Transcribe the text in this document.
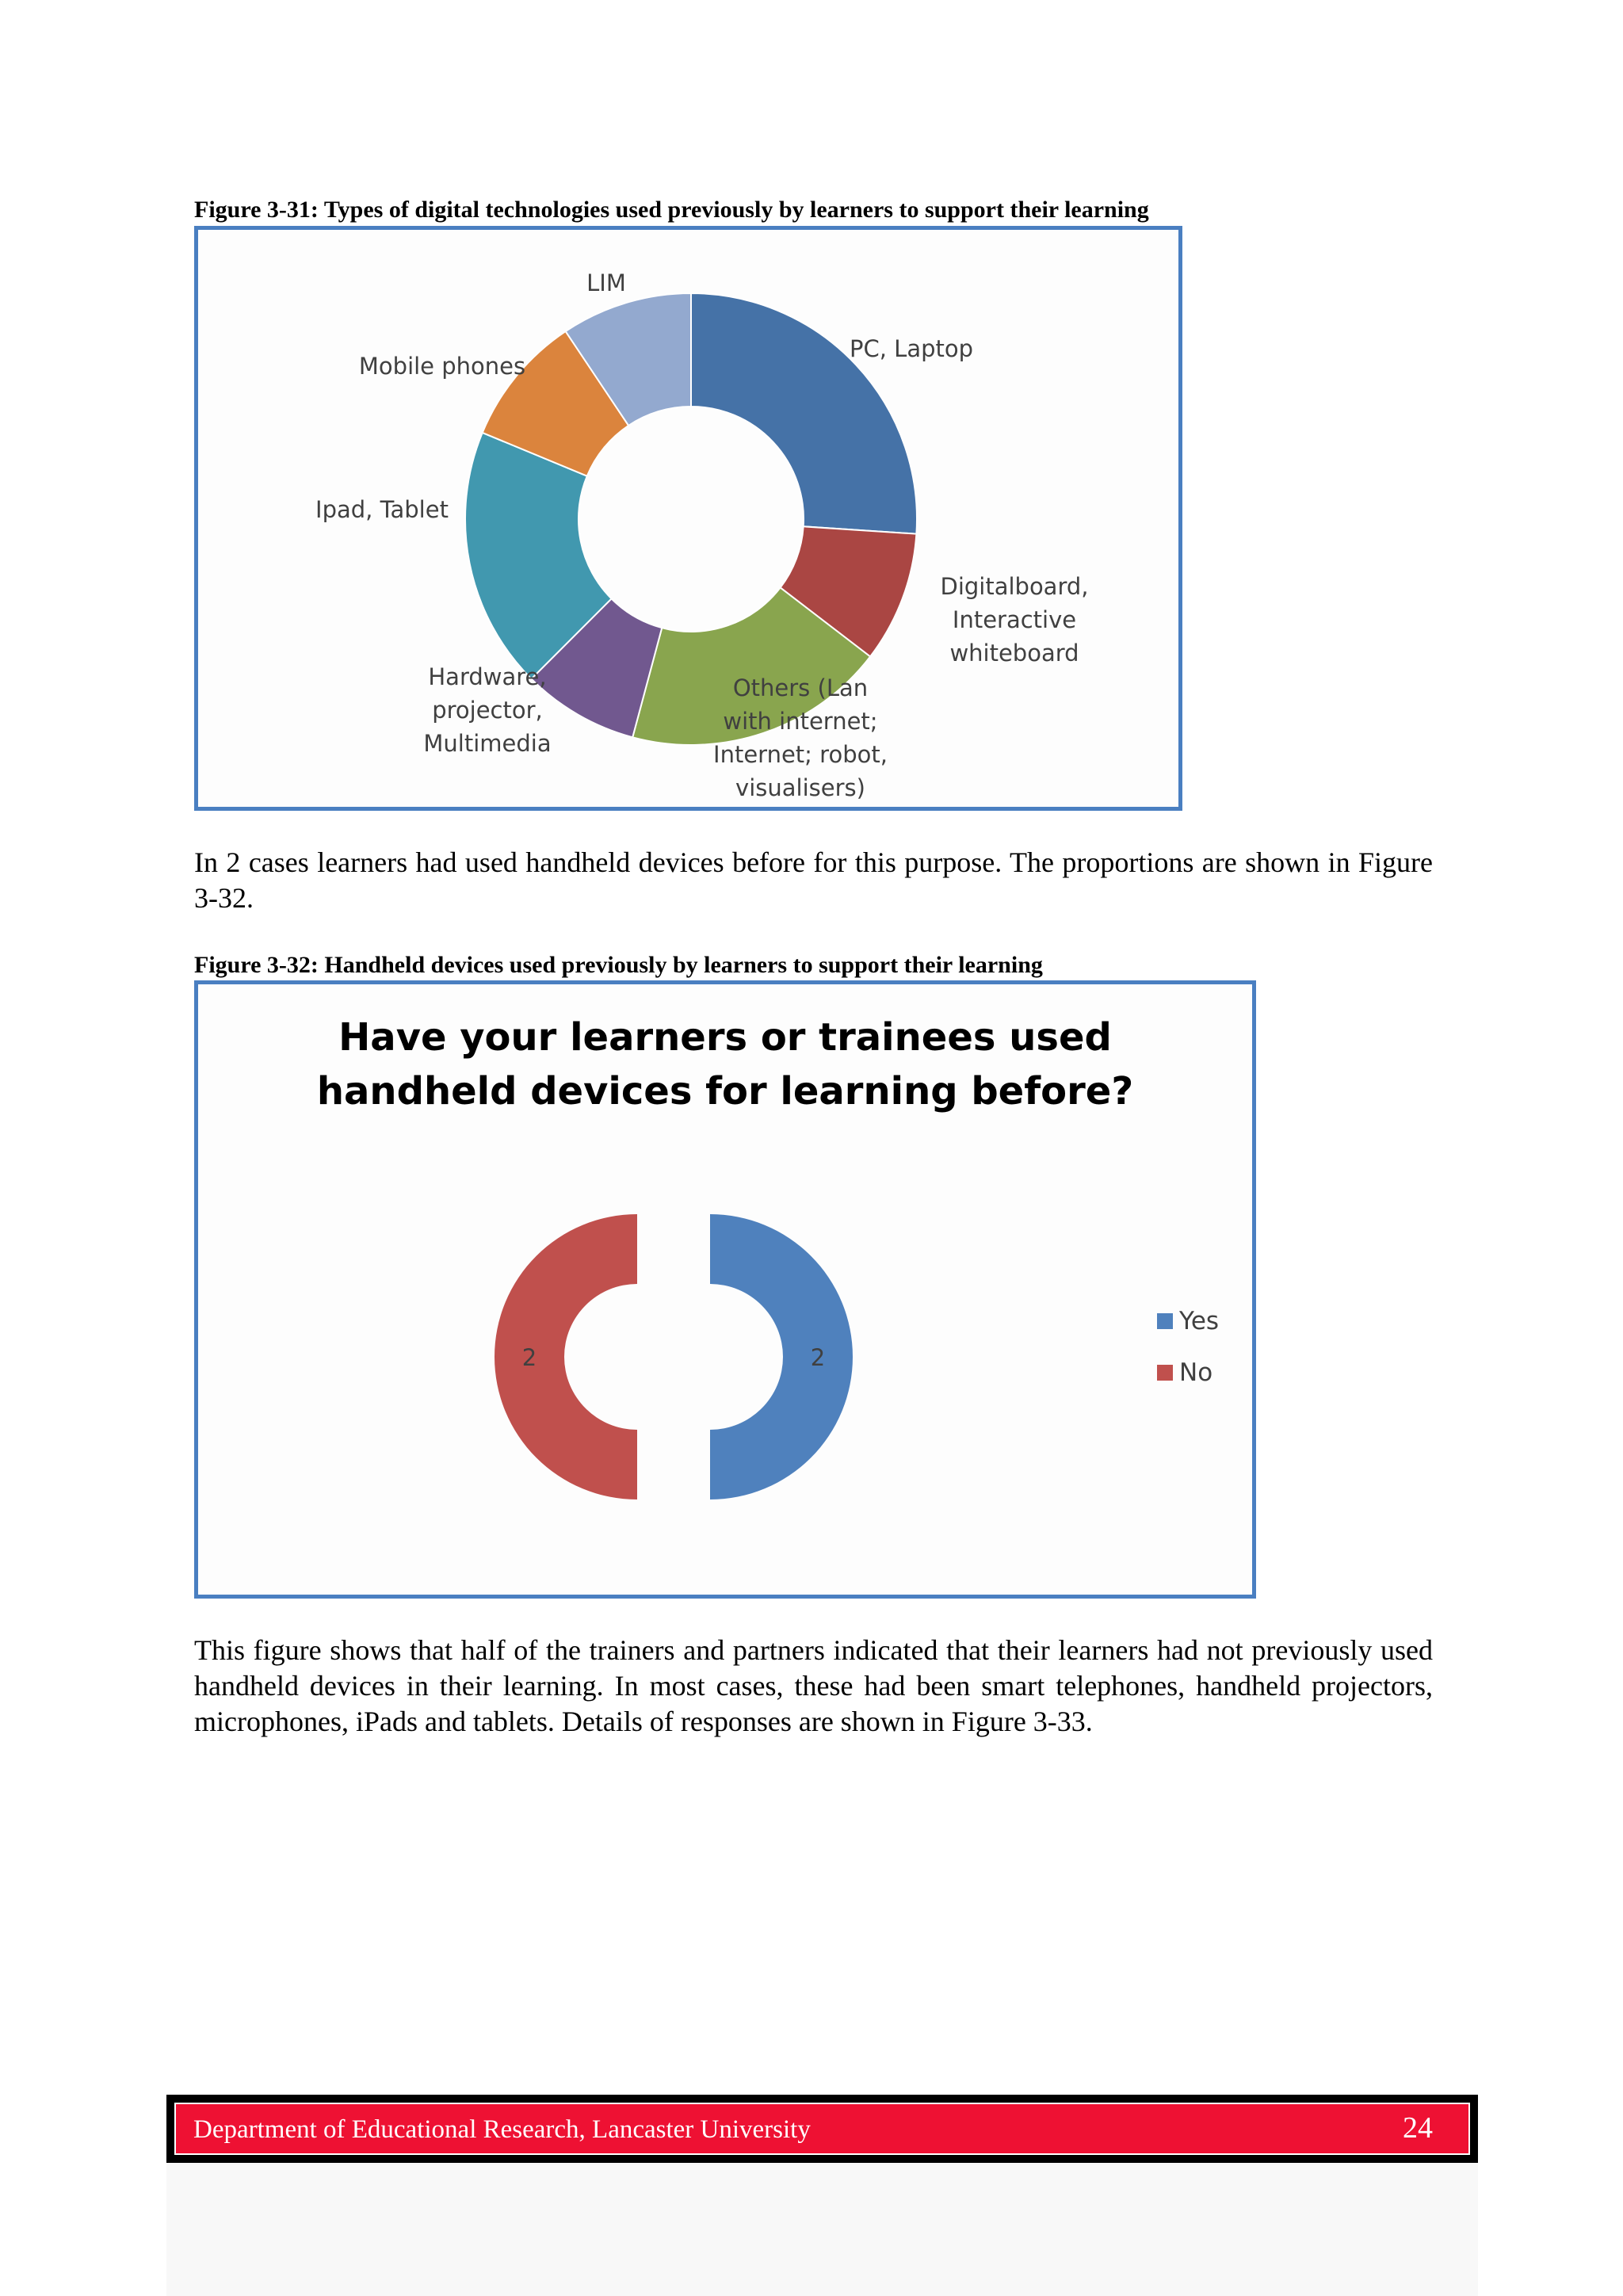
Figure 3-31: Types of digital technologies used previously by learners to support their learning
PC, Laptop
Digitalboard, Interactive whiteboard
Others (Lan with internet; Internet; robot, visualisers)
Hardware, projector, Multimedia
Ipad, Tablet
Mobile phones
LIM
In 2 cases learners had used handheld devices before for this purpose. The proportions are shown in Figure 3-32.
Figure 3-32: Handheld devices used previously by learners to support their learning
Have your learners or trainees used
handheld devices for learning before?
2
2
Yes
No
This figure shows that half of the trainers and partners indicated that their learners had not previously used handheld devices in their learning. In most cases, these had been smart telephones, handheld projectors, microphones, iPads and tablets. Details of responses are shown in Figure 3-33.
Department of Educational Research, Lancaster University	24
